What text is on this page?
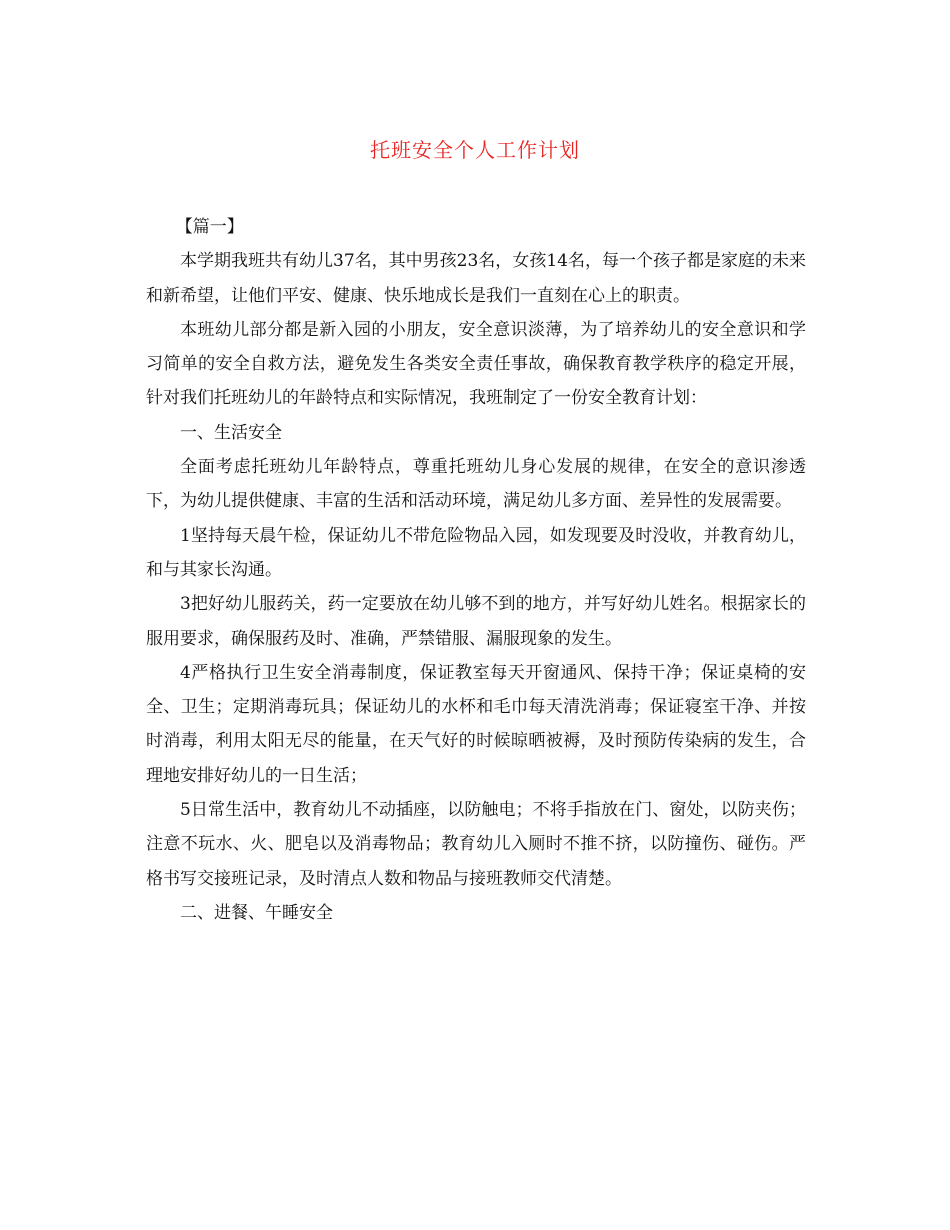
托班安全个人工作计划

【篇一】

本学期我班共有幼儿37名，其中男孩23名，女孩14名，每一个孩子都是家庭的未来和新希望，让他们平安、健康、快乐地成长是我们一直刻在心上的职责。

本班幼儿部分都是新入园的小朋友，安全意识淡薄，为了培养幼儿的安全意识和学习简单的安全自救方法，避免发生各类安全责任事故，确保教育教学秩序的稳定开展，针对我们托班幼儿的年龄特点和实际情况，我班制定了一份安全教育计划：

一、生活安全

全面考虑托班幼儿年龄特点，尊重托班幼儿身心发展的规律，在安全的意识渗透下，为幼儿提供健康、丰富的生活和活动环境，满足幼儿多方面、差异性的发展需要。

1坚持每天晨午检，保证幼儿不带危险物品入园，如发现要及时没收，并教育幼儿，和与其家长沟通。

3把好幼儿服药关，药一定要放在幼儿够不到的地方，并写好幼儿姓名。根据家长的服用要求，确保服药及时、准确，严禁错服、漏服现象的发生。

4严格执行卫生安全消毒制度，保证教室每天开窗通风、保持干净；保证桌椅的安全、卫生；定期消毒玩具；保证幼儿的水杯和毛巾每天清洗消毒；保证寝室干净、并按时消毒，利用太阳无尽的能量，在天气好的时候晾晒被褥，及时预防传染病的发生，合理地安排好幼儿的一日生活；

5日常生活中，教育幼儿不动插座，以防触电；不将手指放在门、窗处，以防夹伤；注意不玩水、火、肥皂以及消毒物品；教育幼儿入厕时不推不挤，以防撞伤、碰伤。严格书写交接班记录，及时清点人数和物品与接班教师交代清楚。

二、进餐、午睡安全
